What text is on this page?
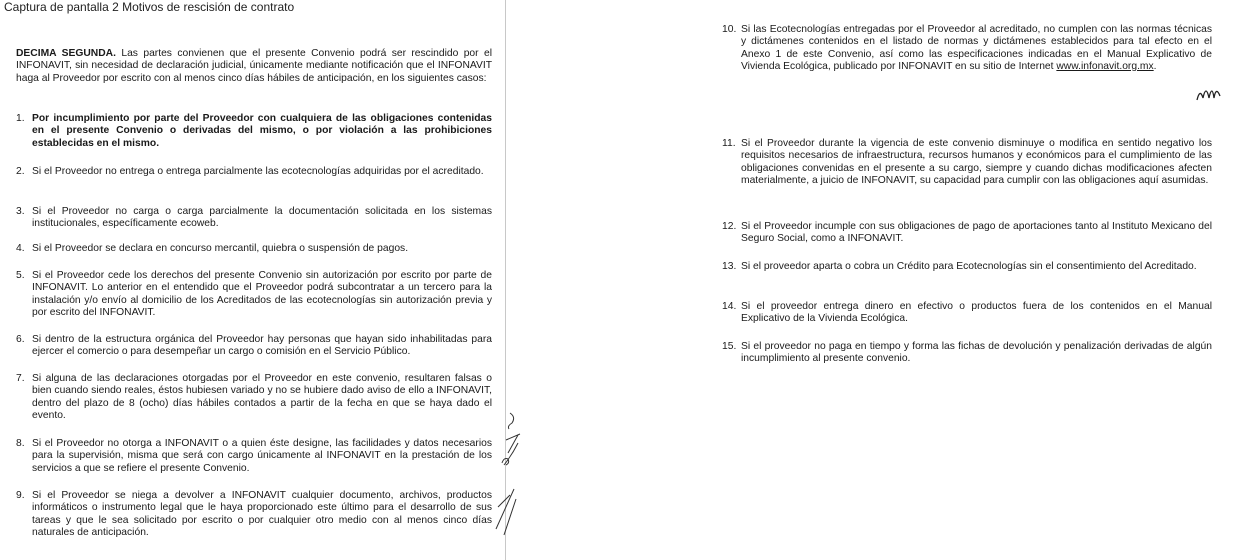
Captura de pantalla 2 Motivos de rescisión de contrato
DECIMA SEGUNDA. Las partes convienen que el presente Convenio podrá ser rescindido por el INFONAVIT, sin necesidad de declaración judicial, únicamente mediante notificación que el INFONAVIT haga al Proveedor por escrito con al menos cinco días hábiles de anticipación, en los siguientes casos:
1. Por incumplimiento por parte del Proveedor con cualquiera de las obligaciones contenidas en el presente Convenio o derivadas del mismo, o por violación a las prohibiciones establecidas en el mismo.
2. Si el Proveedor no entrega o entrega parcialmente las ecotecnologías adquiridas por el acreditado.
3. Si el Proveedor no carga o carga parcialmente la documentación solicitada en los sistemas institucionales, específicamente ecoweb.
4. Si el Proveedor se declara en concurso mercantil, quiebra o suspensión de pagos.
5. Si el Proveedor cede los derechos del presente Convenio sin autorización por escrito por parte de INFONAVIT. Lo anterior en el entendido que el Proveedor podrá subcontratar a un tercero para la instalación y/o envío al domicilio de los Acreditados de las ecotecnologías sin autorización previa y por escrito del INFONAVIT.
6. Si dentro de la estructura orgánica del Proveedor hay personas que hayan sido inhabilitadas para ejercer el comercio o para desempeñar un cargo o comisión en el Servicio Público.
7. Si alguna de las declaraciones otorgadas por el Proveedor en este convenio, resultaren falsas o bien cuando siendo reales, éstos hubiesen variado y no se hubiere dado aviso de ello a INFONAVIT, dentro del plazo de 8 (ocho) días hábiles contados a partir de la fecha en que se haya dado el evento.
8. Si el Proveedor no otorga a INFONAVIT o a quien éste designe, las facilidades y datos necesarios para la supervisión, misma que será con cargo únicamente al INFONAVIT en la prestación de los servicios a que se refiere el presente Convenio.
9. Si el Proveedor se niega a devolver a INFONAVIT cualquier documento, archivos, productos informáticos o instrumento legal que le haya proporcionado este último para el desarrollo de sus tareas y que le sea solicitado por escrito o por cualquier otro medio con al menos cinco días naturales de anticipación.
10. Si las Ecotecnologías entregadas por el Proveedor al acreditado, no cumplen con las normas técnicas y dictámenes contenidos en el listado de normas y dictámenes establecidos para tal efecto en el Anexo 1 de este Convenio, así como las especificaciones indicadas en el Manual Explicativo de Vivienda Ecológica, publicado por INFONAVIT en su sitio de Internet www.infonavit.org.mx.
11. Si el Proveedor durante la vigencia de este convenio disminuye o modifica en sentido negativo los requisitos necesarios de infraestructura, recursos humanos y económicos para el cumplimiento de las obligaciones convenidas en el presente a su cargo, siempre y cuando dichas modificaciones afecten materialmente, a juicio de INFONAVIT, su capacidad para cumplir con las obligaciones aquí asumidas.
12. Si el Proveedor incumple con sus obligaciones de pago de aportaciones tanto al Instituto Mexicano del Seguro Social, como a INFONAVIT.
13. Si el proveedor aparta o cobra un Crédito para Ecotecnologías sin el consentimiento del Acreditado.
14. Si el proveedor entrega dinero en efectivo o productos fuera de los contenidos en el Manual Explicativo de la Vivienda Ecológica.
15. Si el proveedor no paga en tiempo y forma las fichas de devolución y penalización derivadas de algún incumplimiento al presente convenio.
